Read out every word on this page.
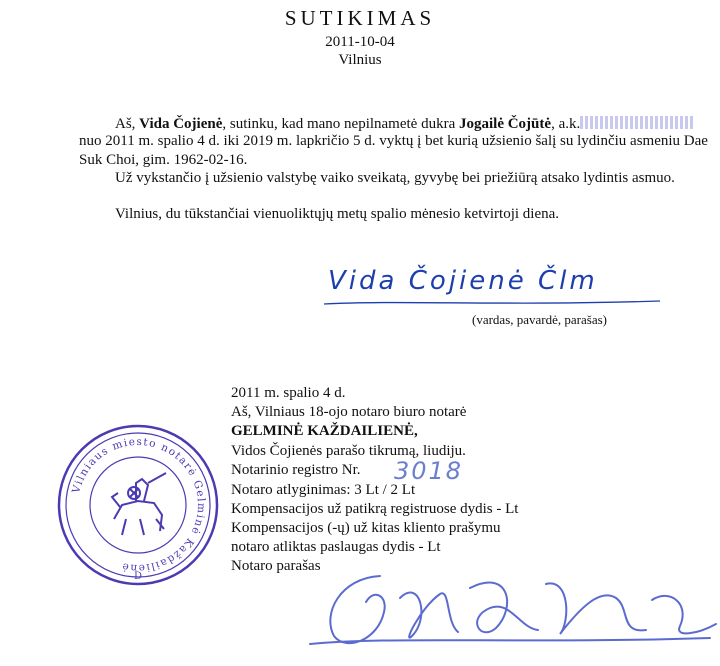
SUTIKIMAS
2011-10-04
Vilnius
Aš, Vida Čojienė, sutinku, kad mano nepilnametė dukra Jogailė Čojūtė, a.k.
nuo 2011 m. spalio 4 d. iki 2019 m. lapkričio 5 d. vyktų į bet kurią užsienio šalį su lydinčiu asmeniu Dae
Suk Choi, gim. 1962-02-16.
Už vykstančio į užsienio valstybę vaiko sveikatą, gyvybę bei priežiūrą atsako lydintis asmuo.
Vilnius, du tūkstančiai vienuoliktųjų metų spalio mėnesio ketvirtoji diena.
Vida Čojienė Člm
(vardas, pavardė, parašas)
Vilniaus miesto notarė Gelminė Každailienė
D
2011 m. spalio 4 d.
Aš, Vilniaus 18-ojo notaro biuro notarė
GELMINĖ KAŽDAILIENĖ,
Vidos Čojienės parašo tikrumą, liudiju.
Notarinio registro Nr. 3018
Notaro atlyginimas: 3 Lt / 2 Lt
Kompensacijos už patikrą registruose dydis - Lt
Kompensacijos (-ų) už kitas kliento prašymu
notaro atliktas paslaugas dydis - Lt
Notaro parašas
